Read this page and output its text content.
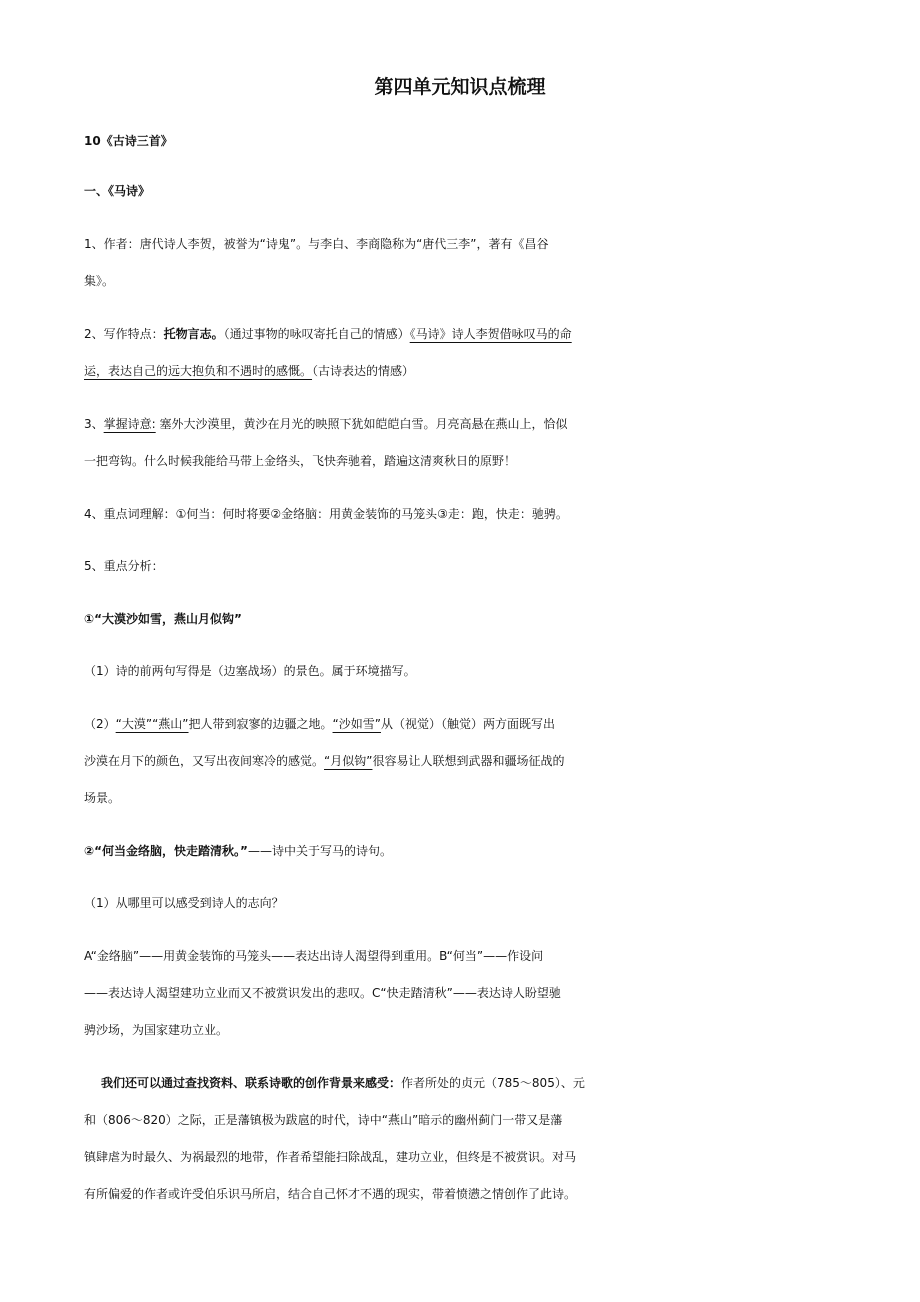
第四单元知识点梳理

10《古诗三首》

一、《马诗》

1、作者：唐代诗人李贺，被誉为“诗鬼”。与李白、李商隐称为“唐代三李”，著有《昌谷

集》。

2、写作特点：托物言志。（通过事物的咏叹寄托自己的情感）《马诗》诗人李贺借咏叹马的命

运，表达自己的远大抱负和不遇时的感慨。（古诗表达的情感）

3、掌握诗意: 塞外大沙漠里，黄沙在月光的映照下犹如皑皑白雪。月亮高悬在燕山上，恰似

一把弯钩。什么时候我能给马带上金络头，飞快奔驰着，踏遍这清爽秋日的原野！

4、重点词理解：①何当：何时将要②金络脑：用黄金装饰的马笼头③走：跑，快走：驰骋。

5、重点分析：

①“大漠沙如雪，燕山月似钩”

（1）诗的前两句写得是（边塞战场）的景色。属于环境描写。

（2）“大漠”“燕山”把人带到寂寥的边疆之地。“沙如雪”从（视觉）（触觉）两方面既写出

沙漠在月下的颜色，又写出夜间寒冷的感觉。“月似钩”很容易让人联想到武器和疆场征战的

场景。

②“何当金络脑，快走踏清秋。”——诗中关于写马的诗句。

（1）从哪里可以感受到诗人的志向？

A“金络脑”——用黄金装饰的马笼头——表达出诗人渴望得到重用。B“何当”——作设问

——表达诗人渴望建功立业而又不被赏识发出的悲叹。C“快走踏清秋”——表达诗人盼望驰

骋沙场，为国家建功立业。

我们还可以通过查找资料、联系诗歌的创作背景来感受：作者所处的贞元（785～805）、元

和（806～820）之际，正是藩镇极为跋扈的时代，诗中“燕山”暗示的幽州蓟门一带又是藩

镇肆虐为时最久、为祸最烈的地带，作者希望能扫除战乱，建功立业，但终是不被赏识。对马

有所偏爱的作者或许受伯乐识马所启，结合自己怀才不遇的现实，带着愤懑之情创作了此诗。
